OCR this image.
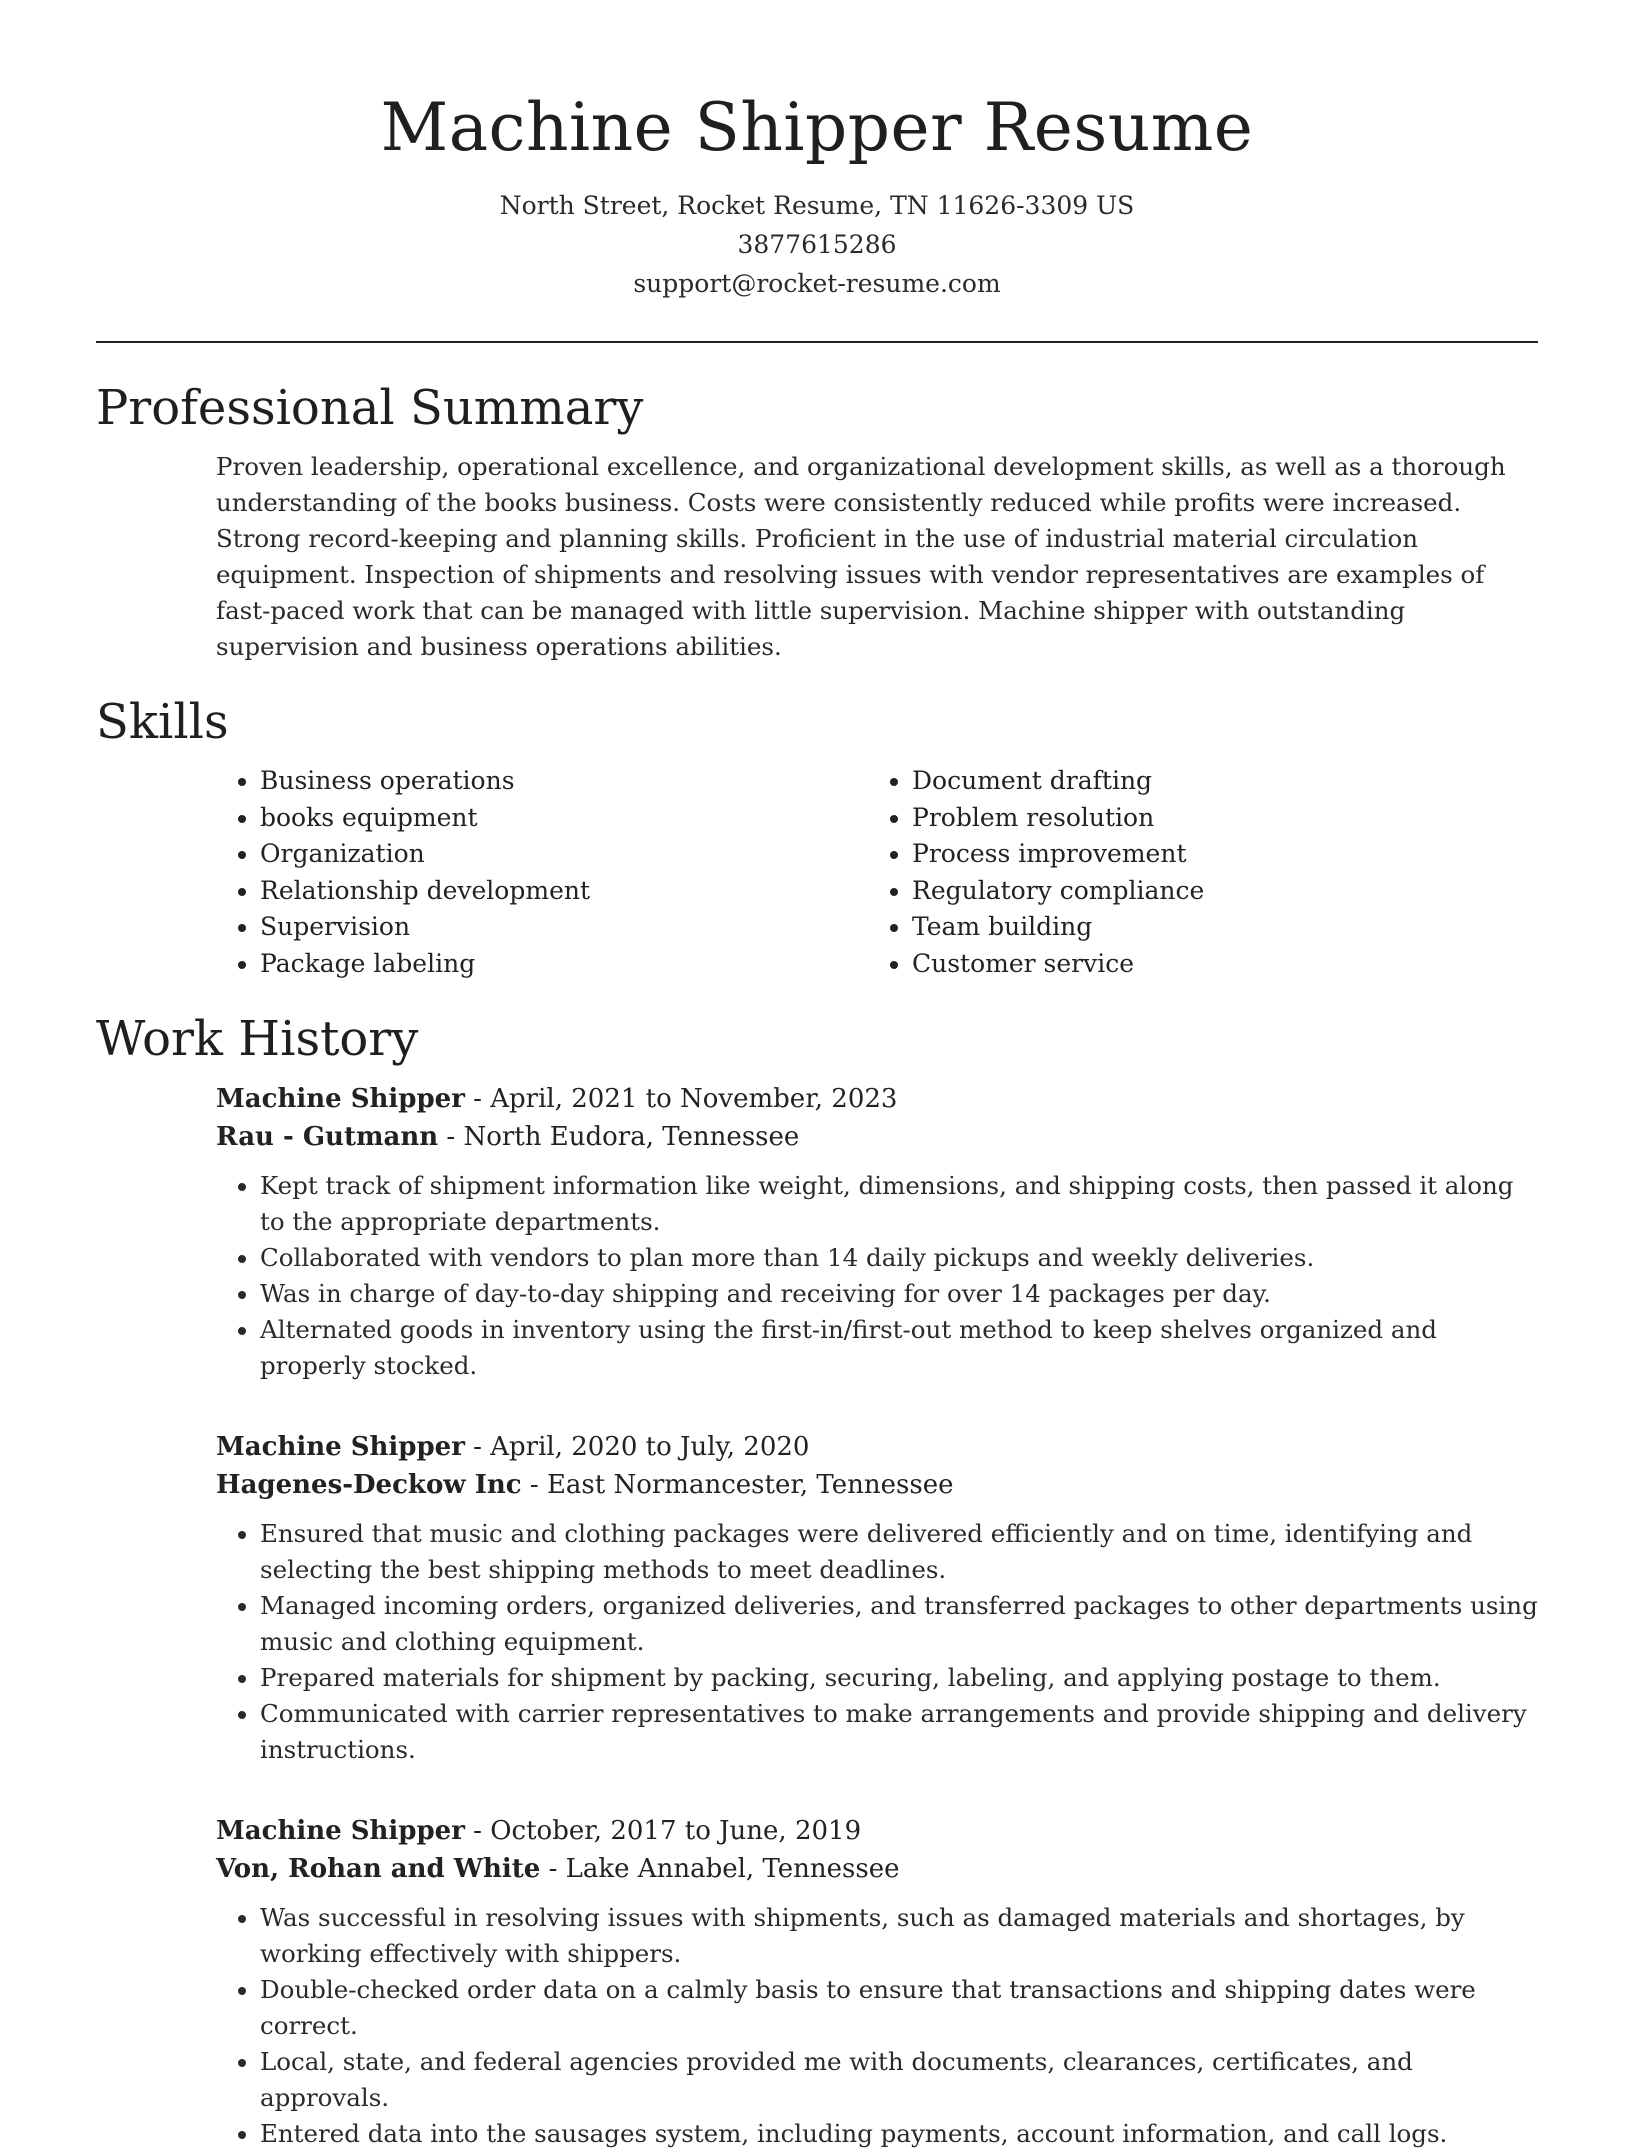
Machine Shipper Resume
North Street, Rocket Resume, TN 11626-3309 US
3877615286
support@rocket-resume.com
Professional Summary

Proven leadership, operational excellence, and organizational development skills, as well as a thorough understanding of the books business. Costs were consistently reduced while profits were increased. Strong record-keeping and planning skills. Proficient in the use of industrial material circulation equipment. Inspection of shipments and resolving issues with vendor representatives are examples of fast-paced work that can be managed with little supervision. Machine shipper with outstanding supervision and business operations abilities.

Skills
• Business operations
• books equipment
• Organization
• Relationship development
• Supervision
• Package labeling
• Document drafting
• Problem resolution
• Process improvement
• Regulatory compliance
• Team building
• Customer service
Work History
Machine Shipper - April, 2021 to November, 2023
Rau - Gutmann - North Eudora, Tennessee
• Kept track of shipment information like weight, dimensions, and shipping costs, then passed it along to the appropriate departments.
• Collaborated with vendors to plan more than 14 daily pickups and weekly deliveries.
• Was in charge of day-to-day shipping and receiving for over 14 packages per day.
• Alternated goods in inventory using the first-in/first-out method to keep shelves organized and properly stocked.
Machine Shipper - April, 2020 to July, 2020
Hagenes-Deckow Inc - East Normancester, Tennessee
• Ensured that music and clothing packages were delivered efficiently and on time, identifying and selecting the best shipping methods to meet deadlines.
• Managed incoming orders, organized deliveries, and transferred packages to other departments using music and clothing equipment.
• Prepared materials for shipment by packing, securing, labeling, and applying postage to them.
• Communicated with carrier representatives to make arrangements and provide shipping and delivery instructions.
Machine Shipper - October, 2017 to June, 2019
Von, Rohan and White - Lake Annabel, Tennessee
• Was successful in resolving issues with shipments, such as damaged materials and shortages, by working effectively with shippers.
• Double-checked order data on a calmly basis to ensure that transactions and shipping dates were correct.
• Local, state, and federal agencies provided me with documents, clearances, certificates, and approvals.
• Entered data into the sausages system, including payments, account information, and call logs.
